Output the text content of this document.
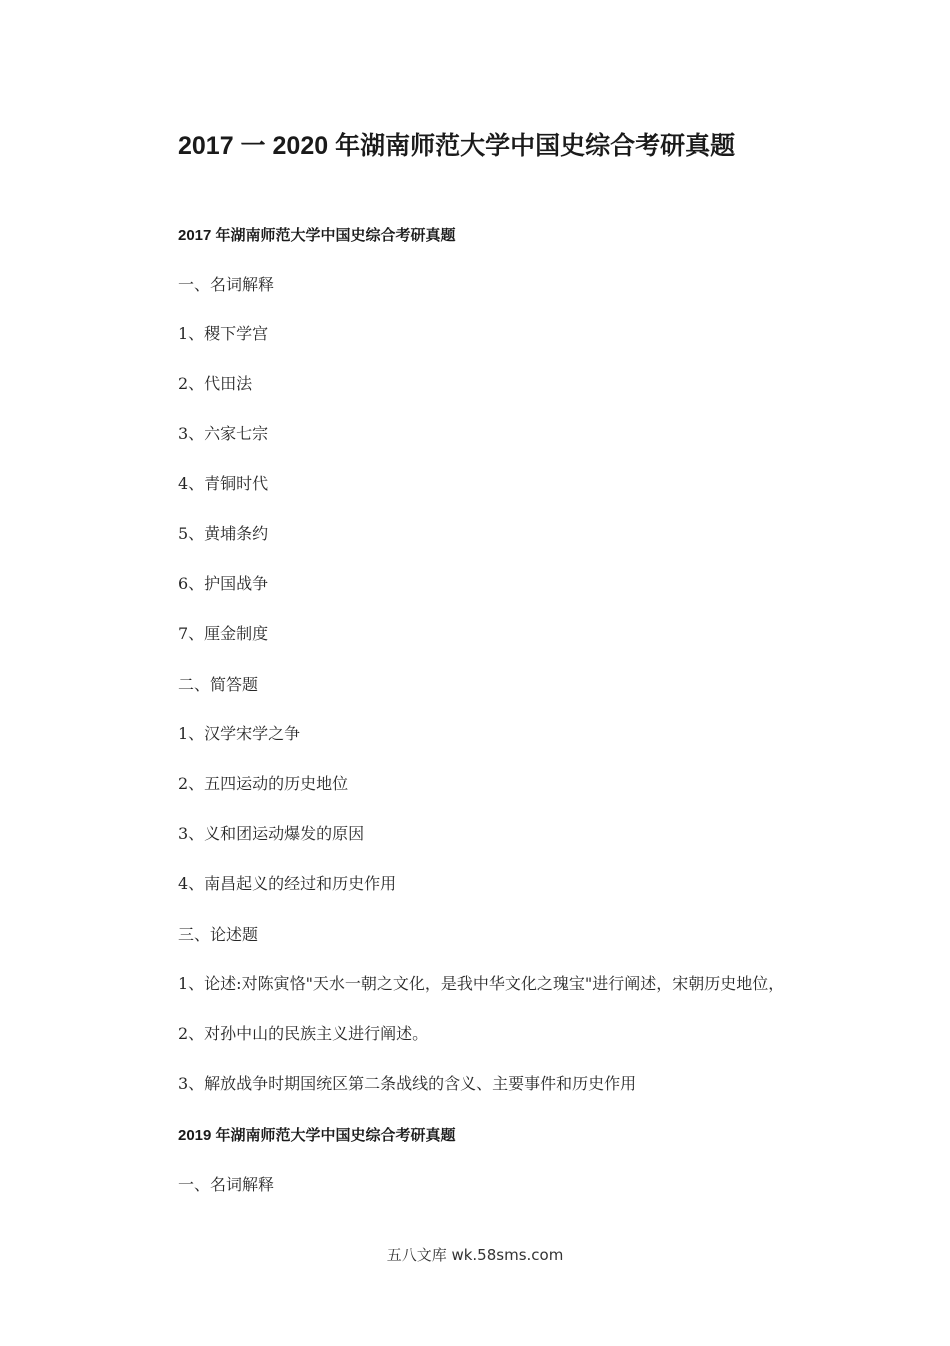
2017 一 2020 年湖南师范大学中国史综合考研真题
2017 年湖南师范大学中国史综合考研真题
一、名词解释
1、稷下学宫
2、代田法
3、六家七宗
4、青铜时代
5、黄埔条约
6、护国战争
7、厘金制度
二、简答题
1、汉学宋学之争
2、五四运动的历史地位
3、义和团运动爆发的原因
4、南昌起义的经过和历史作用
三、论述题
1、论述:对陈寅恪"天水一朝之文化，是我中华文化之瑰宝"进行阐述，宋朝历史地位，
2、对孙中山的民族主义进行阐述。
3、解放战争时期国统区第二条战线的含义、主要事件和历史作用
2019 年湖南师范大学中国史综合考研真题
一、名词解释
五八文库 wk.58sms.com
